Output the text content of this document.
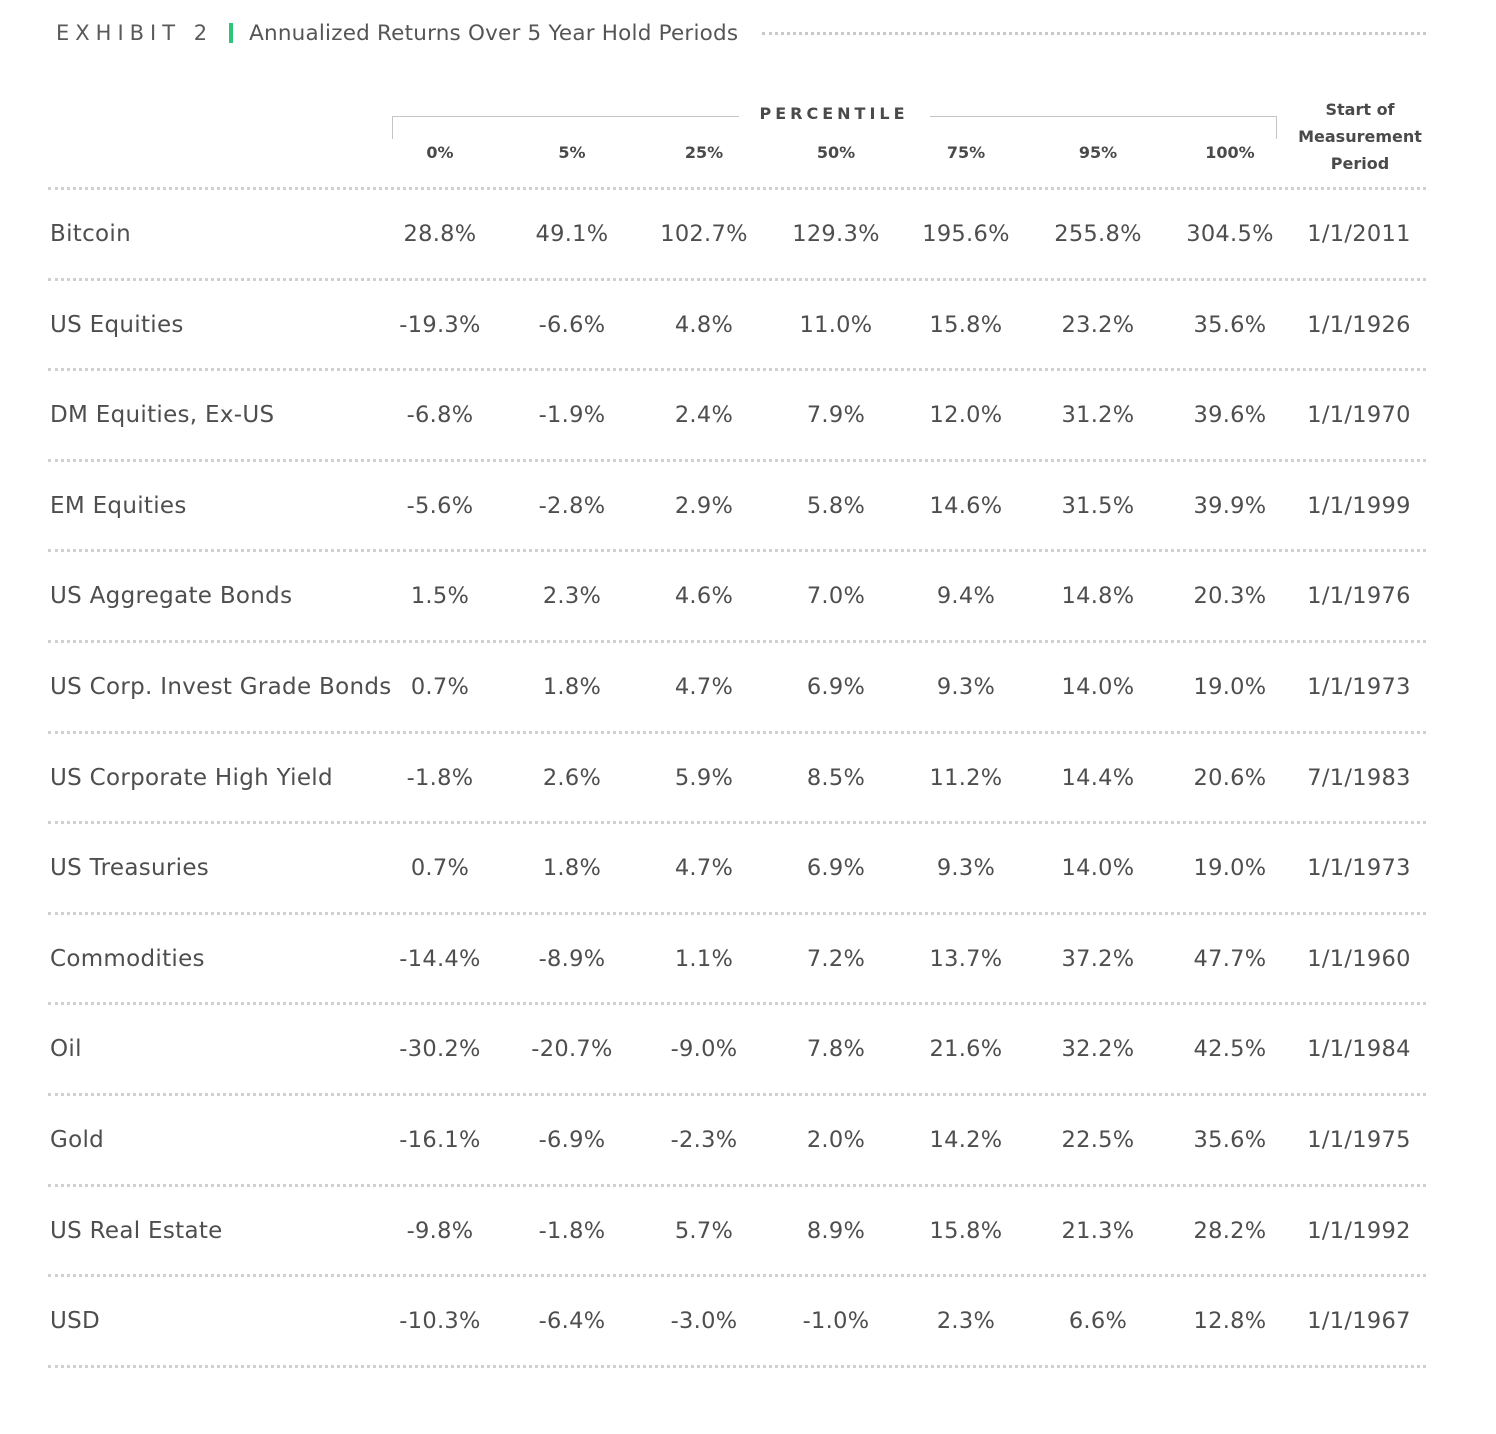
EXHIBIT 2 Annualized Returns Over 5 Year Hold Periods
PERCENTILE
0%	5%	25%	50%	75%	95%	100%
Start of
Measurement
Period
Bitcoin	28.8%	49.1%	102.7%	129.3%	195.6%	255.8%	304.5%	1/1/2011
US Equities	-19.3%	-6.6%	4.8%	11.0%	15.8%	23.2%	35.6%	1/1/1926
DM Equities, Ex-US	-6.8%	-1.9%	2.4%	7.9%	12.0%	31.2%	39.6%	1/1/1970
EM Equities	-5.6%	-2.8%	2.9%	5.8%	14.6%	31.5%	39.9%	1/1/1999
US Aggregate Bonds	1.5%	2.3%	4.6%	7.0%	9.4%	14.8%	20.3%	1/1/1976
US Corp. Invest Grade Bonds 0.7%	1.8%	4.7%	6.9%	9.3%	14.0%	19.0%	1/1/1973
US Corporate High Yield	-1.8%	2.6%	5.9%	8.5%	11.2%	14.4%	20.6%	7/1/1983
US Treasuries	0.7%	1.8%	4.7%	6.9%	9.3%	14.0%	19.0%	1/1/1973
Commodities	-14.4%	-8.9%	1.1%	7.2%	13.7%	37.2%	47.7%	1/1/1960
Oil	-30.2%	-20.7%	-9.0%	7.8%	21.6%	32.2%	42.5%	1/1/1984
Gold	-16.1%	-6.9%	-2.3%	2.0%	14.2%	22.5%	35.6%	1/1/1975
US Real Estate	-9.8%	-1.8%	5.7%	8.9%	15.8%	21.3%	28.2%	1/1/1992
USD	-10.3%	-6.4%	-3.0%	-1.0%	2.3%	6.6%	12.8%	1/1/1967
